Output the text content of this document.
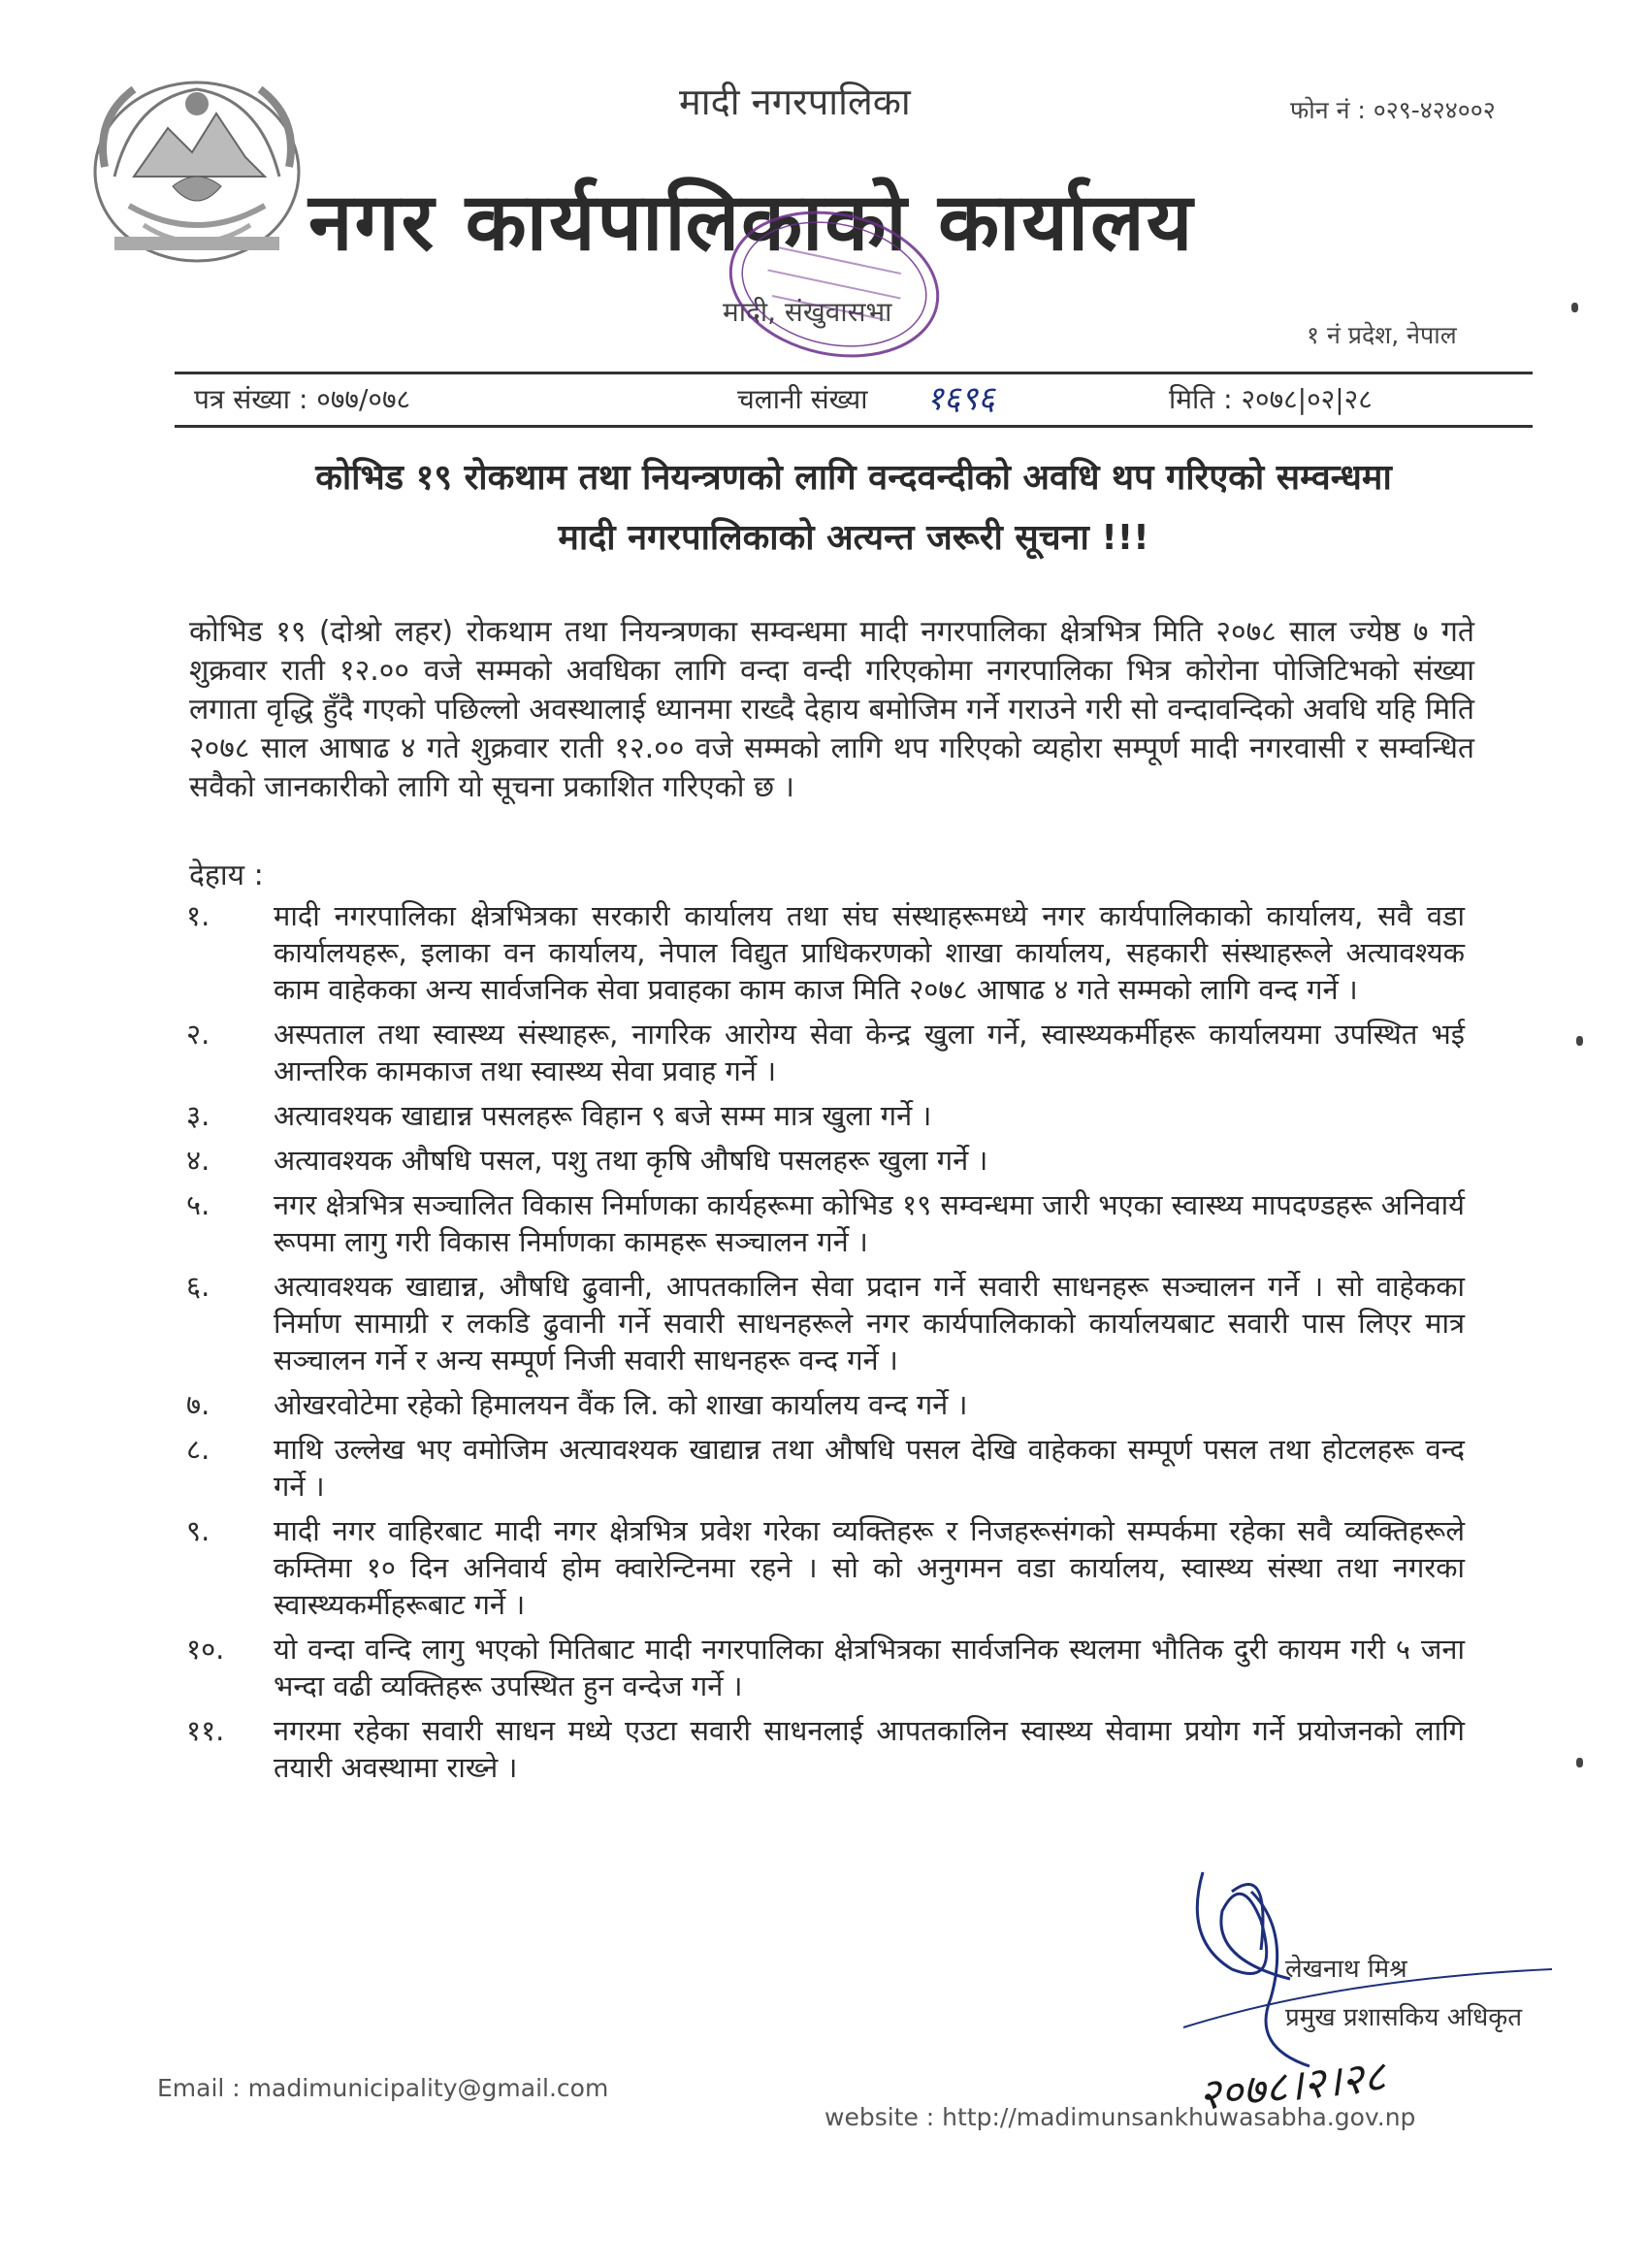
मादी नगरपालिका	फोन नं : ०२९-४२४००२
नगर कार्यपालिकाको कार्यालय
मादी, संखुवासभा
१ नं प्रदेश, नेपाल
पत्र संख्या : ०७७/०७८	चलानी संख्या १६९६	मिति : २०७८|०२|२८
कोभिड १९ रोकथाम तथा नियन्त्रणको लागि वन्दवन्दीको अवधि थप गरिएको सम्वन्धमा
मादी नगरपालिकाको अत्यन्त जरूरी सूचना !!!
कोभिड १९ (दोश्रो लहर) रोकथाम तथा नियन्त्रणका सम्वन्धमा मादी नगरपालिका क्षेत्रभित्र मिति २०७८ साल ज्येष्ठ ७ गते शुक्रवार राती १२.०० वजे सम्मको अवधिका लागि वन्दा वन्दी गरिएकोमा नगरपालिका भित्र कोरोना पोजिटिभको संख्या लगाता वृद्धि हुँदै गएको पछिल्लो अवस्थालाई ध्यानमा राख्दै देहाय बमोजिम गर्ने गराउने गरी सो वन्दावन्दिको अवधि यहि मिति २०७८ साल आषाढ ४ गते शुक्रवार राती १२.०० वजे सम्मको लागि थप गरिएको व्यहोरा सम्पूर्ण मादी नगरवासी र सम्वन्धित सवैको जानकारीको लागि यो सूचना प्रकाशित गरिएको छ ।
देहाय :
१.	मादी नगरपालिका क्षेत्रभित्रका सरकारी कार्यालय तथा संघ संस्थाहरूमध्ये नगर कार्यपालिकाको कार्यालय, सवै वडा कार्यालयहरू, इलाका वन कार्यालय, नेपाल विद्युत प्राधिकरणको शाखा कार्यालय, सहकारी संस्थाहरूले अत्यावश्यक काम वाहेकका अन्य सार्वजनिक सेवा प्रवाहका काम काज मिति २०७८ आषाढ ४ गते सम्मको लागि वन्द गर्ने ।
२.	अस्पताल तथा स्वास्थ्य संस्थाहरू, नागरिक आरोग्य सेवा केन्द्र खुला गर्ने, स्वास्थ्यकर्मीहरू कार्यालयमा उपस्थित भई आन्तरिक कामकाज तथा स्वास्थ्य सेवा प्रवाह गर्ने ।
३.	अत्यावश्यक खाद्यान्न पसलहरू विहान ९ बजे सम्म मात्र खुला गर्ने ।
४.	अत्यावश्यक औषधि पसल, पशु तथा कृषि औषधि पसलहरू खुला गर्ने ।
५.	नगर क्षेत्रभित्र सञ्चालित विकास निर्माणका कार्यहरूमा कोभिड १९ सम्वन्धमा जारी भएका स्वास्थ्य मापदण्डहरू अनिवार्य रूपमा लागु गरी विकास निर्माणका कामहरू सञ्चालन गर्ने ।
६.	अत्यावश्यक खाद्यान्न, औषधि ढुवानी, आपतकालिन सेवा प्रदान गर्ने सवारी साधनहरू सञ्चालन गर्ने । सो वाहेकका निर्माण सामाग्री र लकडि ढुवानी गर्ने सवारी साधनहरूले नगर कार्यपालिकाको कार्यालयबाट सवारी पास लिएर मात्र सञ्चालन गर्ने र अन्य सम्पूर्ण निजी सवारी साधनहरू वन्द गर्ने ।
७.	ओखरवोटेमा रहेको हिमालयन वैंक लि. को शाखा कार्यालय वन्द गर्ने ।
८.	माथि उल्लेख भए वमोजिम अत्यावश्यक खाद्यान्न तथा औषधि पसल देखि वाहेकका सम्पूर्ण पसल तथा होटलहरू वन्द गर्ने ।
९.	मादी नगर वाहिरबाट मादी नगर क्षेत्रभित्र प्रवेश गरेका व्यक्तिहरू र निजहरूसंगको सम्पर्कमा रहेका सवै व्यक्तिहरूले कम्तिमा १० दिन अनिवार्य होम क्वारेन्टिनमा रहने । सो को अनुगमन वडा कार्यालय, स्वास्थ्य संस्था तथा नगरका स्वास्थ्यकर्मीहरूबाट गर्ने ।
१०.	यो वन्दा वन्दि लागु भएको मितिबाट मादी नगरपालिका क्षेत्रभित्रका सार्वजनिक स्थलमा भौतिक दुरी कायम गरी ५ जना भन्दा वढी व्यक्तिहरू उपस्थित हुन वन्देज गर्ने ।
११.	नगरमा रहेका सवारी साधन मध्ये एउटा सवारी साधनलाई आपतकालिन स्वास्थ्य सेवामा प्रयोग गर्ने प्रयोजनको लागि तयारी अवस्थामा राख्ने ।
लेखनाथ मिश्र
प्रमुख प्रशासकिय अधिकृत
२०७८।२।२८
Email : madimunicipality@gmail.com
website : http://madimunsankhuwasabha.gov.np
